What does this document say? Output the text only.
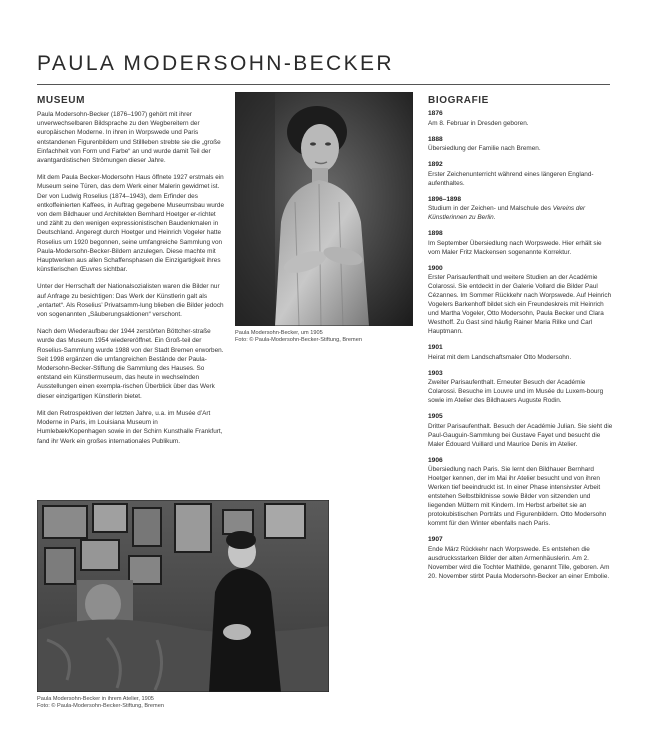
PAULA MODERSOHN-BECKER
MUSEUM

Paula Modersohn-Becker (1876–1907) gehört mit ihrer unverwechselbaren Bildsprache zu den Wegbereitern der europäischen Moderne. In ihren in Worpswede und Paris entstandenen Figurenbildern und Stillleben strebte sie die „große Einfachheit von Form und Farbe“ an und wurde damit Teil der avantgardistischen Strömungen dieser Jahre.

Mit dem Paula Becker-Modersohn Haus öffnete 1927 erstmals ein Museum seine Türen, das dem Werk einer Malerin gewidmet ist. Der von Ludwig Roselius (1874–1943), dem Erfinder des entkoffeinierten Kaffees, in Auftrag gegebene Museumsbau wurde von dem Bildhauer und Architekten Bernhard Hoetger er-richtet und zählt zu den wenigen expressionistischen Baudenkmalen in Deutschland. Angeregt durch Hoetger und Heinrich Vogeler hatte Roselius um 1920 begonnen, seine umfangreiche Sammlung von Paula-Modersohn-Becker-Bildern anzulegen. Diese machte mit Hauptwerken aus allen Schaffensphasen die Einzigartigkeit ihres künstlerischen Œuvres sichtbar.

Unter der Herrschaft der Nationalsozialisten waren die Bilder nur auf Anfrage zu besichtigen: Das Werk der Künstlerin galt als „entartet“. Als Roselius’ Privatsamm-lung blieben die Bilder jedoch von sogenannten „Säuberungsaktionen“ verschont.

Nach dem Wiederaufbau der 1944 zerstörten Böttcher-straße wurde das Museum 1954 wiedereröffnet. Ein Groß-teil der Roselius-Sammlung wurde 1988 von der Stadt Bremen erworben. Seit 1998 ergänzen die umfangreichen Bestände der Paula-Modersohn-Becker-Stiftung die Sammlung des Hauses. So entstand ein Künstlermuseum, das heute in wechselnden Ausstellungen einen exempla-rischen Überblick über das Werk dieser einzigartigen Künstlerin bietet.

Mit den Retrospektiven der letzten Jahre, u.a. im Musée d’Art Moderne in Paris, im Louisiana Museum in Humlebæk/Kopenhagen sowie in der Schirn Kunsthalle Frankfurt, fand ihr Werk ein großes internationales Publikum.

Paula Modersohn-Becker, um 1905
Foto: © Paula-Modersohn-Becker-Stiftung, Bremen
Paula Modersohn-Becker in ihrem Atelier, 1905
Foto: © Paula-Modersohn-Becker-Stiftung, Bremen
BIOGRAFIE
1876
Am 8. Februar in Dresden geboren.
1888
Übersiedlung der Familie nach Bremen.
1892
Erster Zeichenunterricht während eines längeren England-aufenthaltes.
1896–1898
Studium in der Zeichen- und Malschule des Vereins der Künstlerinnen zu Berlin.
1898
Im September Übersiedlung nach Worpswede. Hier erhält sie vom Maler Fritz Mackensen sogenannte Korrektur.
1900
Erster Parisaufenthalt und weitere Studien an der Académie Colarossi. Sie entdeckt in der Galerie Vollard die Bilder Paul Cézannes. Im Sommer Rückkehr nach Worpswede. Auf Heinrich Vogelers Barkenhoff bildet sich ein Freundeskreis mit Heinrich und Martha Vogeler, Otto Modersohn, Paula Becker und Clara Westhoff. Zu Gast sind häufig Rainer Maria Rilke und Carl Hauptmann.
1901
Heirat mit dem Landschaftsmaler Otto Modersohn.
1903
Zweiter Parisaufenthalt. Erneuter Besuch der Académie Colarossi. Besuche im Louvre und im Musée du Luxem-bourg sowie im Atelier des Bildhauers Auguste Rodin.
1905
Dritter Parisaufenthalt. Besuch der Académie Julian. Sie sieht die Paul-Gauguin-Sammlung bei Gustave Fayet und besucht die Maler Édouard Vuillard und Maurice Denis im Atelier.
1906
Übersiedlung nach Paris. Sie lernt den Bildhauer Bernhard Hoetger kennen, der im Mai ihr Atelier besucht und von ihren Werken tief beeindruckt ist. In einer Phase intensivster Arbeit entstehen Selbstbildnisse sowie Bilder von sitzenden und liegenden Müttern mit Kindern. Im Herbst arbeitet sie an protokubistischen Porträts und Figurenbildern. Otto Modersohn kommt für den Winter ebenfalls nach Paris.
1907
Ende März Rückkehr nach Worpswede. Es entstehen die ausdrucksstarken Bilder der alten Armenhäuslerin. Am 2. November wird die Tochter Mathilde, genannt Tille, geboren. Am 20. November stirbt Paula Modersohn-Becker an einer Embolie.
